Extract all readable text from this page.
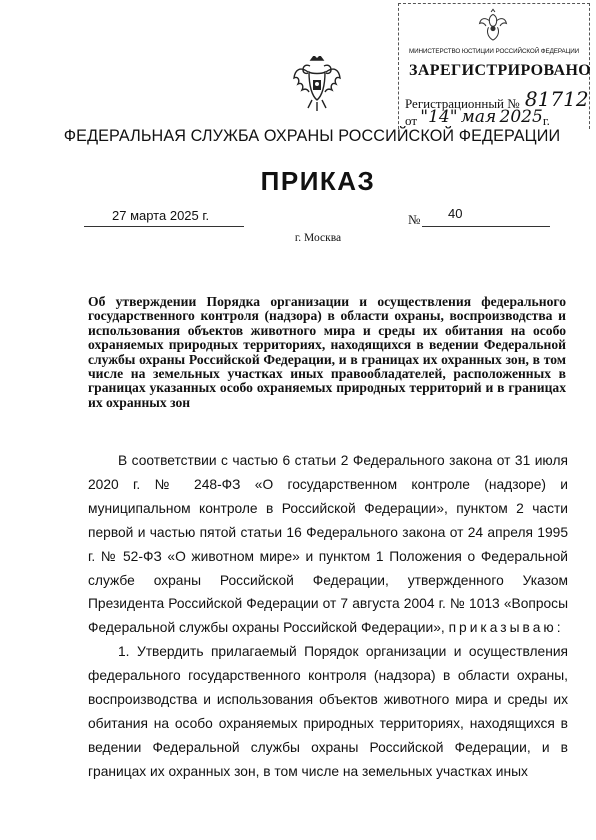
МИНИСТЕРСТВО ЮСТИЦИИ РОССИЙСКОЙ ФЕДЕРАЦИИ
ЗАРЕГИСТРИРОВАНО
Регистрационный № 81712
от "14" мая 2025г.
ФЕДЕРАЛЬНАЯ СЛУЖБА ОХРАНЫ РОССИЙСКОЙ ФЕДЕРАЦИИ
ПРИКАЗ
27 марта 2025 г.	№ 40
г. Москва
Об утверждении Порядка организации и осуществления федерального государственного контроля (надзора) в области охраны, воспроизводства и использования объектов животного мира и среды их обитания на особо охраняемых природных территориях, находящихся в ведении Федеральной службы охраны Российской Федерации, и в границах их охранных зон, в том числе на земельных участках иных правообладателей, расположенных в границах указанных особо охраняемых природных территорий и в границах их охранных зон

В соответствии с частью 6 статьи 2 Федерального закона от 31 июля 2020 г. № 248-ФЗ «О государственном контроле (надзоре) и муниципальном контроле в Российской Федерации», пунктом 2 части первой и частью пятой статьи 16 Федерального закона от 24 апреля 1995 г. № 52-ФЗ «О животном мире» и пунктом 1 Положения о Федеральной службе охраны Российской Федерации, утвержденного Указом Президента Российской Федерации от 7 августа 2004 г. № 1013 «Вопросы Федеральной службы охраны Российской Федерации», приказываю:

1. Утвердить прилагаемый Порядок организации и осуществления федерального государственного контроля (надзора) в области охраны, воспроизводства и использования объектов животного мира и среды их обитания на особо охраняемых природных территориях, находящихся в ведении Федеральной службы охраны Российской Федерации, и в границах их охранных зон, в том числе на земельных участках иных
